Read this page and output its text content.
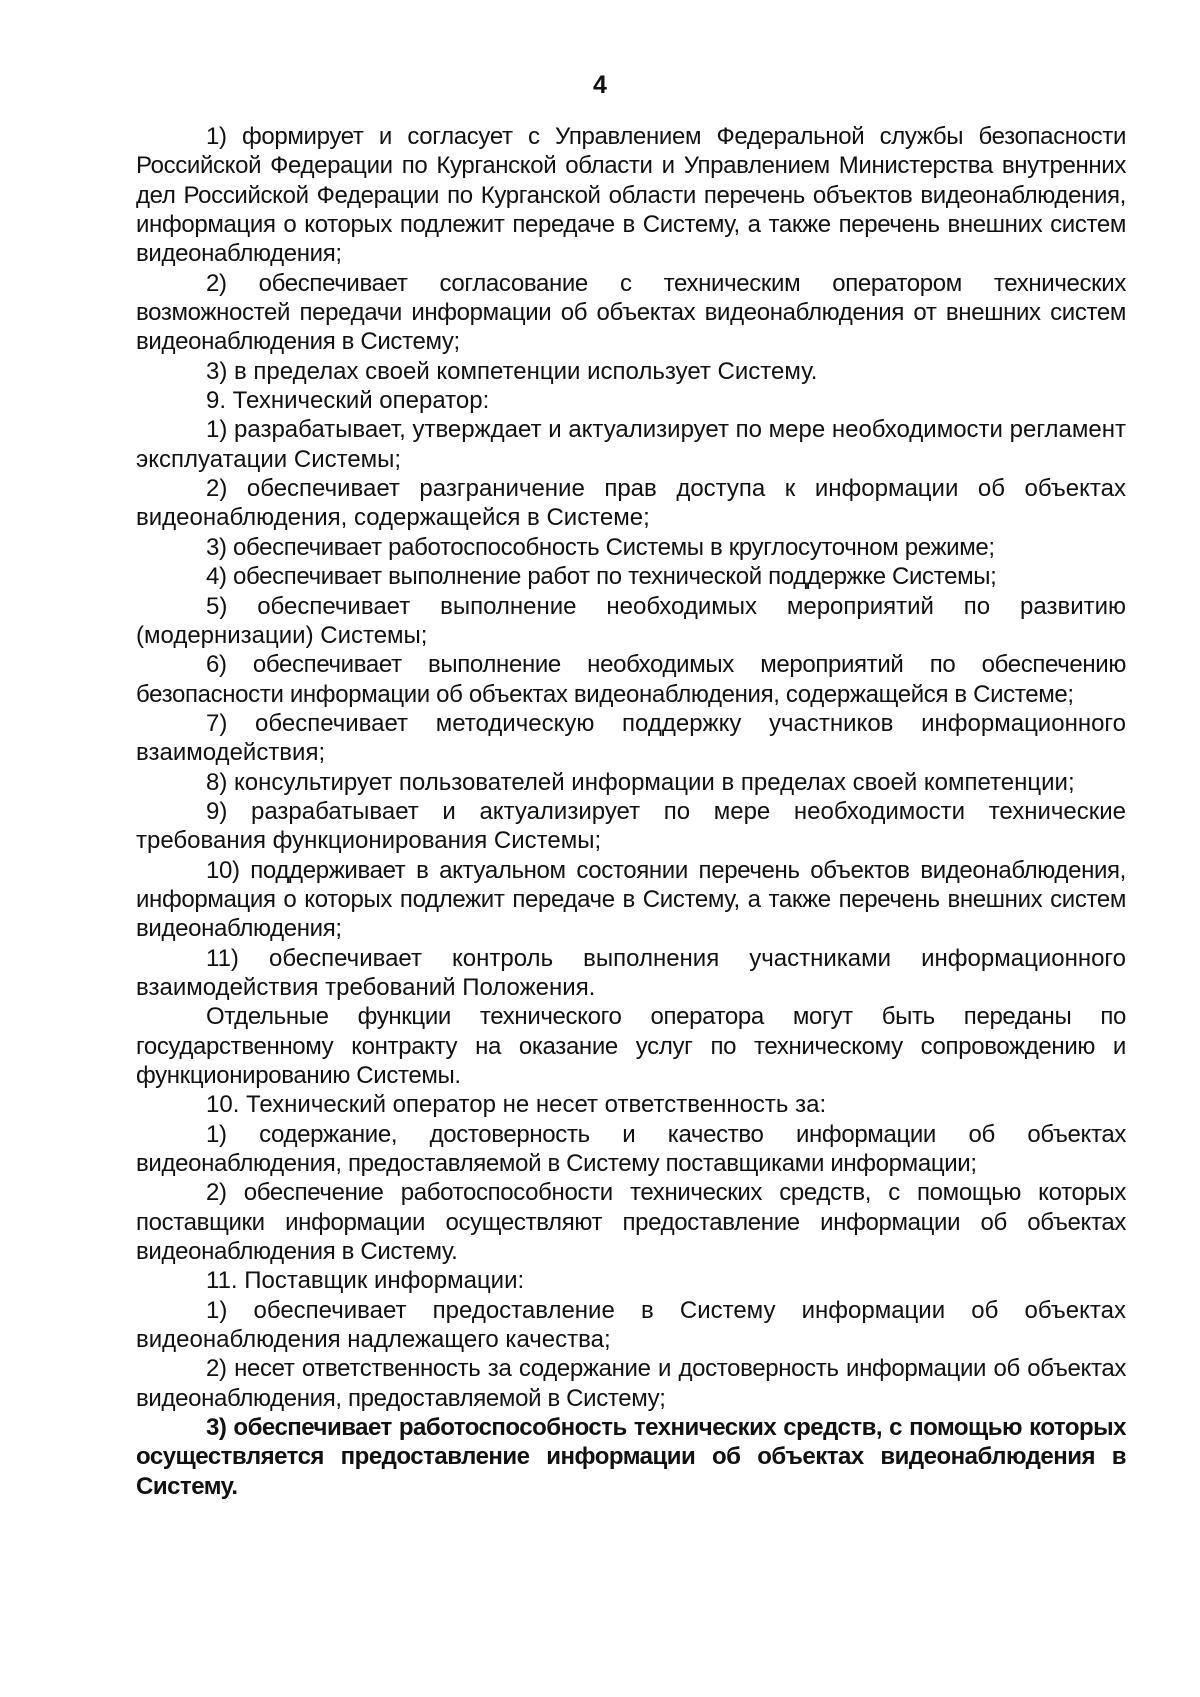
4

1) формирует и согласует с Управлением Федеральной службы безопасности Российской Федерации по Курганской области и Управлением Министерства внутренних дел Российской Федерации по Курганской области перечень объектов видеонаблюдения, информация о которых подлежит передаче в Систему, а также перечень внешних систем видеонаблюдения;

2) обеспечивает согласование с техническим оператором технических возможностей передачи информации об объектах видеонаблюдения от внешних систем видеонаблюдения в Систему;

3) в пределах своей компетенции использует Систему.

9. Технический оператор:

1) разрабатывает, утверждает и актуализирует по мере необходимости регламент эксплуатации Системы;

2) обеспечивает разграничение прав доступа к информации об объектах видеонаблюдения, содержащейся в Системе;

3) обеспечивает работоспособность Системы в круглосуточном режиме;

4) обеспечивает выполнение работ по технической поддержке Системы;

5) обеспечивает выполнение необходимых мероприятий по развитию (модернизации) Системы;

6) обеспечивает выполнение необходимых мероприятий по обеспечению безопасности информации об объектах видеонаблюдения, содержащейся в Системе;

7) обеспечивает методическую поддержку участников информационного взаимодействия;

8) консультирует пользователей информации в пределах своей компетенции;

9) разрабатывает и актуализирует по мере необходимости технические требования функционирования Системы;

10) поддерживает в актуальном состоянии перечень объектов видеонаблюдения, информация о которых подлежит передаче в Систему, а также перечень внешних систем видеонаблюдения;

11) обеспечивает контроль выполнения участниками информационного взаимодействия требований Положения.

Отдельные функции технического оператора могут быть переданы по государственному контракту на оказание услуг по техническому сопровождению и функционированию Системы.

10. Технический оператор не несет ответственность за:

1) содержание, достоверность и качество информации об объектах видеонаблюдения, предоставляемой в Систему поставщиками информации;

2) обеспечение работоспособности технических средств, с помощью которых поставщики информации осуществляют предоставление информации об объектах видеонаблюдения в Систему.

11. Поставщик информации:

1) обеспечивает предоставление в Систему информации об объектах видеонаблюдения надлежащего качества;

2) несет ответственность за содержание и достоверность информации об объектах видеонаблюдения, предоставляемой в Систему;

3) обеспечивает работоспособность технических средств, с помощью которых осуществляется предоставление информации об объектах видеонаблюдения в Систему.
